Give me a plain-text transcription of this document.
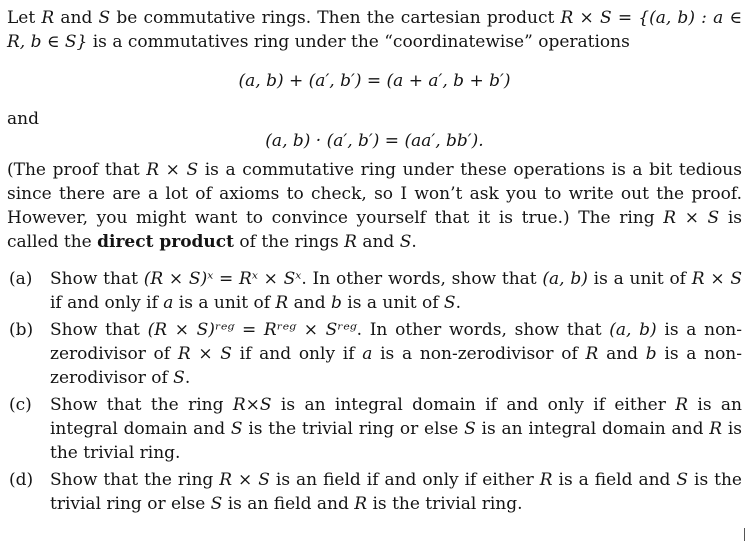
Let R and S be commutative rings. Then the cartesian product R × S = {(a, b) : a ∈ R, b ∈ S} is a commutatives ring under the “coordinatewise” operations

(a, b) + (a′, b′) = (a + a′, b + b′)

and

(a, b) · (a′, b′) = (aa′, bb′).

(The proof that R × S is a commutative ring under these operations is a bit tedious since there are a lot of axioms to check, so I won’t ask you to write out the proof. However, you might want to convince yourself that it is true.) The ring R × S is called the direct product of the rings R and S.

(a)	Show that (R × S)ˣ = Rˣ × Sˣ. In other words, show that (a, b) is a unit of R × S if and only if a is a unit of R and b is a unit of S.
(b) Show that (R × S)ʳᵉᵍ = Rʳᵉᵍ × Sʳᵉᵍ. In other words, show that (a, b) is a non-zerodivisor of R × S if and only if a is a non-zerodivisor of R and b is a non-zerodivisor of S.
(c)	Show that the ring R×S is an integral domain if and only if either R is an integral domain and S is the trivial ring or else S is an integral domain and R is the trivial ring.
(d) Show that the ring R × S is an field if and only if either R is a field and S is the trivial ring or else S is an field and R is the trivial ring.
